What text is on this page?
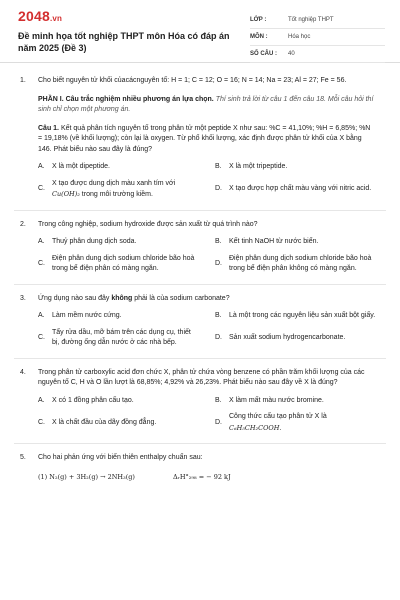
2048.vn
Đề minh họa tốt nghiệp THPT môn Hóa có đáp án năm 2025 (Đề 3)
LỚP :	Tốt nghiệp THPT
MÔN :	Hóa học
SỐ CÂU :	40
1.	Cho biết nguyên tử khối củacácnguyên tố: H = 1; C = 12; O = 16; N = 14; Na = 23; Al = 27; Fe = 56.
PHẦN I. Câu trắc nghiệm nhiều phương án lựa chọn. Thí sinh trả lời từ câu 1 đến câu 18. Mỗi câu hỏi thí sinh chỉ chọn một phương án.
Câu 1. Kết quả phân tích nguyên tố trong phân tử một peptide X như sau: %C = 41,10%; %H = 6,85%; %N = 19,18% (về khối lượng); còn lại là oxygen. Từ phổ khối lượng, xác định được phân tử khối của X bằng 146. Phát biểu nào sau đây là đúng?
A.	X là một dipeptide.	B.	X là một tripeptide.
C.
X tạo được dung dịch màu xanh tím với Cu(OH)₂ trong môi trường kiềm.
D.	X tạo được hợp chất màu vàng với nitric acid.
2.	Trong công nghiệp, sodium hydroxide được sản xuất từ quá trình nào?
A.	Thuỷ phân dung dịch soda.	B.	Kết tinh NaOH từ nước biển.
C.
Điện phân dung dịch sodium chloride bão hoà trong bể điện phân có màng ngăn.
D.
Điện phân dung dịch sodium chloride bão hoà trong bể điện phân không có màng ngăn.
3.	Ứng dụng nào sau đây không phải là của sodium carbonate?
A.	Làm mềm nước cứng.	B.	Là một trong các nguyên liệu sản xuất bột giấy.
C.
Tẩy rửa dầu, mỡ bám trên các dụng cụ, thiết bị, đường ống dẫn nước ở các nhà bếp.
D.	Sản xuất sodium hydrogencarbonate.
4.	Trong phân tử carboxylic acid đơn chức X, phân tử chứa vòng benzene có phần trăm khối lượng của các nguyên tố C, H và O lần lượt là 68,85%; 4,92% và 26,23%. Phát biểu nào sau đây về X là đúng?
A.	X có 1 đồng phân cấu tạo.	B.	X làm mất màu nước bromine.
C.	X là chất đầu của dãy đồng đẳng.	D.
Công thức cấu tạo phân tử X là C₆H₅CH₂COOH.
5.	Cho hai phản ứng với biến thiên enthalpy chuẩn sau:
(1) N₂(g) + 3H₂(g) → 2NH₃(g)	ΔᵣH°₂₉₈ = − 92 kJ
